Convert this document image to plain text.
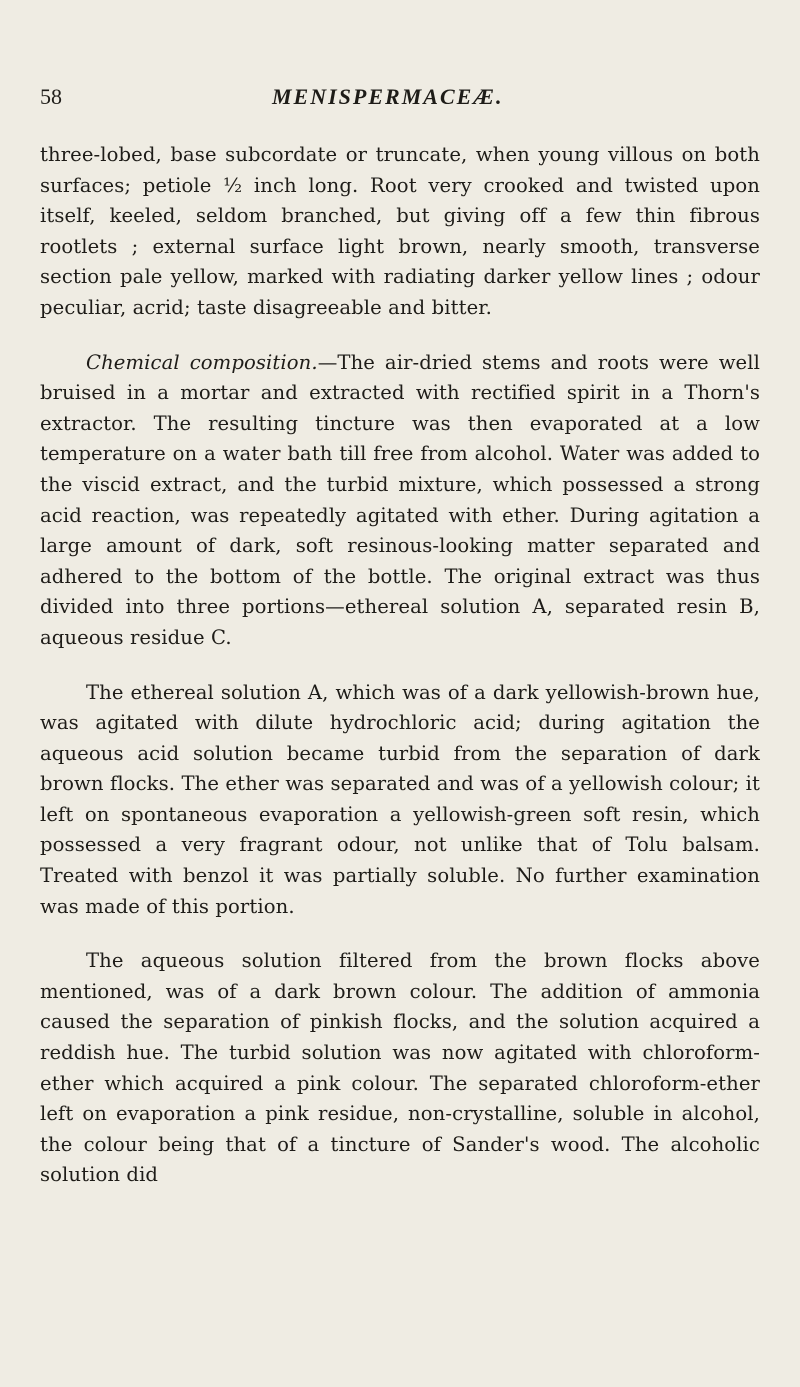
58	MENISPERMACEÆ.

three-lobed, base subcordate or truncate, when young villous on both surfaces; petiole ½ inch long. Root very crooked and twisted upon itself, keeled, seldom branched, but giving off a few thin fibrous rootlets ; external surface light brown, nearly smooth, transverse section pale yellow, marked with radiating darker yellow lines ; odour peculiar, acrid; taste disagreeable and bitter.

Chemical composition.—The air-dried stems and roots were well bruised in a mortar and extracted with rectified spirit in a Thorn's extractor. The resulting tincture was then evaporated at a low temperature on a water bath till free from alcohol. Water was added to the viscid extract, and the turbid mixture, which possessed a strong acid reaction, was repeatedly agitated with ether. During agitation a large amount of dark, soft resinous-looking matter separated and adhered to the bottom of the bottle. The original extract was thus divided into three portions—ethereal solution A, separated resin B, aqueous residue C.

The ethereal solution A, which was of a dark yellowish-brown hue, was agitated with dilute hydrochloric acid; during agitation the aqueous acid solution became turbid from the separation of dark brown flocks. The ether was separated and was of a yellowish colour; it left on spontaneous evaporation a yellowish-green soft resin, which possessed a very fragrant odour, not unlike that of Tolu balsam. Treated with benzol it was partially soluble. No further examination was made of this portion.

The aqueous solution filtered from the brown flocks above mentioned, was of a dark brown colour. The addition of ammonia caused the separation of pinkish flocks, and the solution acquired a reddish hue. The turbid solution was now agitated with chloroform-ether which acquired a pink colour. The separated chloroform-ether left on evaporation a pink residue, non-crystalline, soluble in alcohol, the colour being that of a tincture of Sander's wood. The alcoholic solution did
